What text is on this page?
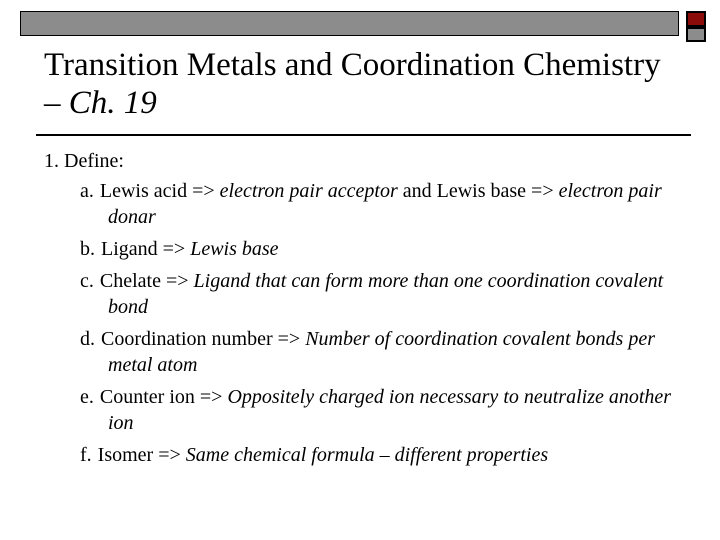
Transition Metals and Coordination Chemistry – Ch. 19

1. Define:

a. Lewis acid => electron pair acceptor and Lewis base => electron pair donar
b. Ligand => Lewis base
c. Chelate => Ligand that can form more than one coordination covalent bond
d. Coordination number => Number of coordination covalent bonds per metal atom
e. Counter ion => Oppositely charged ion necessary to neutralize another ion
f. Isomer => Same chemical formula – different properties
